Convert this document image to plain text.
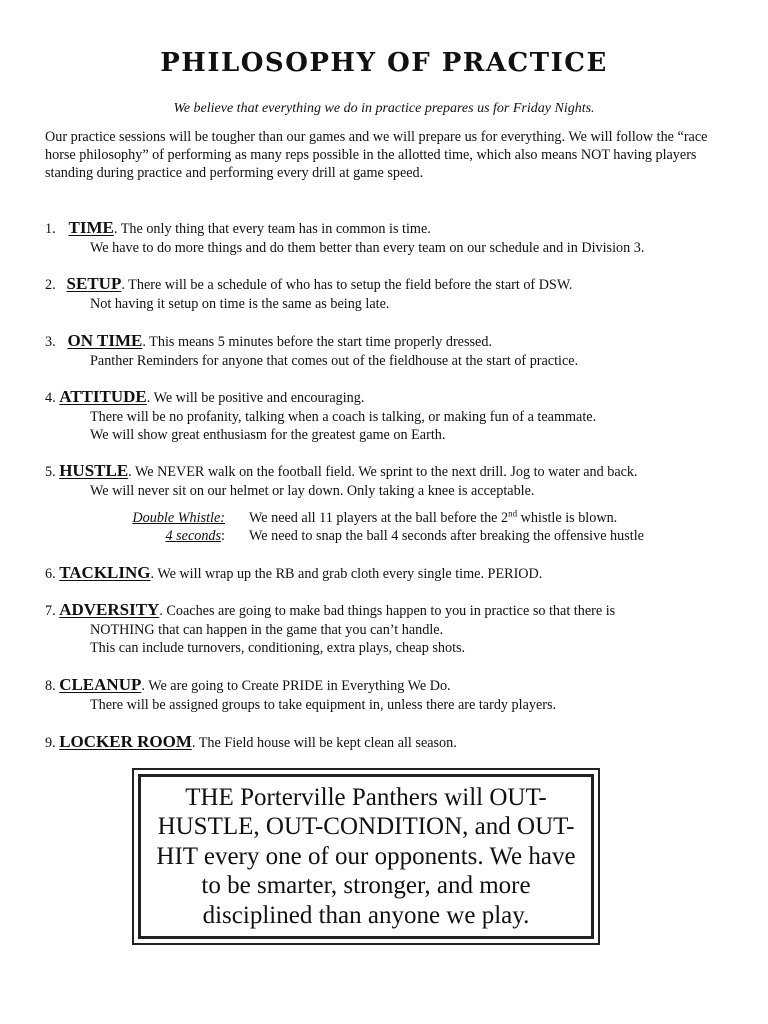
PHILOSOPHY OF PRACTICE

We believe that everything we do in practice prepares us for Friday Nights.

Our practice sessions will be tougher than our games and we will prepare us for everything. We will follow the “race horse philosophy” of performing as many reps possible in the allotted time, which also means NOT having players standing during practice and performing every drill at game speed.

1. TIME. The only thing that every team has in common is time.
We have to do more things and do them better than every team on our schedule and in Division 3.
2. SETUP. There will be a schedule of who has to setup the field before the start of DSW.
Not having it setup on time is the same as being late.
3. ON TIME. This means 5 minutes before the start time properly dressed.
Panther Reminders for anyone that comes out of the fieldhouse at the start of practice.
4. ATTITUDE. We will be positive and encouraging.
There will be no profanity, talking when a coach is talking, or making fun of a teammate.
We will show great enthusiasm for the greatest game on Earth.
5. HUSTLE. We NEVER walk on the football field. We sprint to the next drill. Jog to water and back.
We will never sit on our helmet or lay down. Only taking a knee is acceptable.
Double Whistle: We need all 11 players at the ball before the 2nd whistle is blown.
4 seconds: We need to snap the ball 4 seconds after breaking the offensive hustle
6. TACKLING. We will wrap up the RB and grab cloth every single time. PERIOD.
7. ADVERSITY. Coaches are going to make bad things happen to you in practice so that there is
NOTHING that can happen in the game that you can’t handle.
This can include turnovers, conditioning, extra plays, cheap shots.
8. CLEANUP. We are going to Create PRIDE in Everything We Do.
There will be assigned groups to take equipment in, unless there are tardy players.
9. LOCKER ROOM. The Field house will be kept clean all season.

THE Porterville Panthers will OUT-HUSTLE, OUT-CONDITION, and OUT-HIT every one of our opponents. We have to be smarter, stronger, and more disciplined than anyone we play.
